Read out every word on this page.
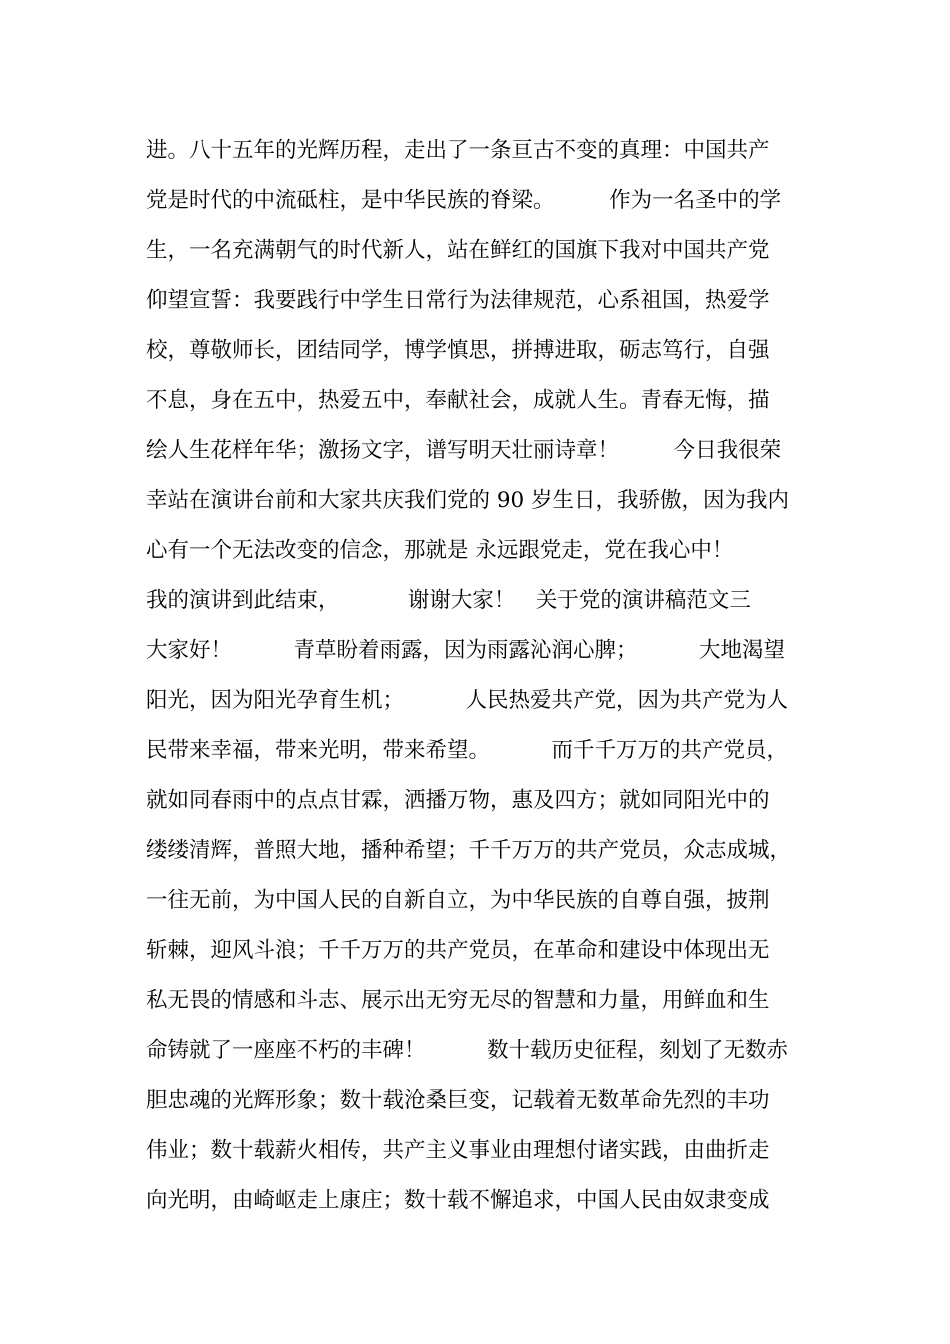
进。八十五年的光辉历程，走出了一条亘古不变的真理：中国共产
党是时代的中流砥柱，是中华民族的脊梁。        作为一名圣中的学
生，一名充满朝气的时代新人，站在鲜红的国旗下我对中国共产党
仰望宣誓：我要践行中学生日常行为法律规范，心系祖国，热爱学
校，尊敬师长，团结同学，博学慎思，拼搏进取，砺志笃行，自强
不息，身在五中，热爱五中，奉献社会，成就人生。青春无悔，描
绘人生花样年华；激扬文字，谱写明天壮丽诗章！        今日我很荣
幸站在演讲台前和大家共庆我们党的 90 岁生日，我骄傲，因为我内
心有一个无法改变的信念，那就是 永远跟党走，党在我心中！
我的演讲到此结束，          谢谢大家！   关于党的演讲稿范文三
大家好！         青草盼着雨露，因为雨露沁润心脾；         大地渴望
阳光，因为阳光孕育生机；         人民热爱共产党，因为共产党为人
民带来幸福，带来光明，带来希望。         而千千万万的共产党员，
就如同春雨中的点点甘霖，洒播万物，惠及四方；就如同阳光中的
缕缕清辉，普照大地，播种希望；千千万万的共产党员，众志成城，
一往无前，为中国人民的自新自立，为中华民族的自尊自强，披荆
斩棘，迎风斗浪；千千万万的共产党员，在革命和建设中体现出无
私无畏的情感和斗志、展示出无穷无尽的智慧和力量，用鲜血和生
命铸就了一座座不朽的丰碑！         数十载历史征程，刻划了无数赤
胆忠魂的光辉形象；数十载沧桑巨变，记载着无数革命先烈的丰功
伟业；数十载薪火相传，共产主义事业由理想付诸实践，由曲折走
向光明，由崎岖走上康庄；数十载不懈追求，中国人民由奴隶变成
